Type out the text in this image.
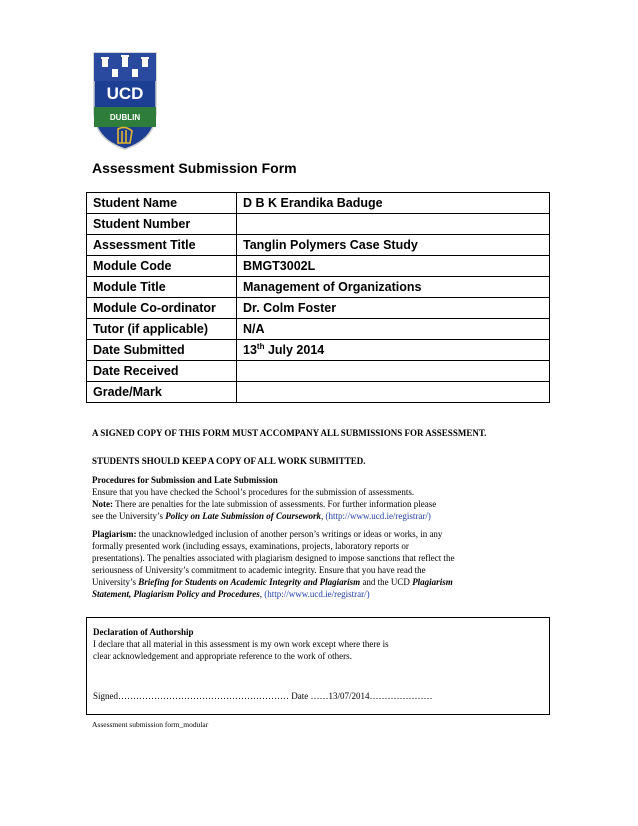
UCD
DUBLIN
Assessment Submission Form
Student Name	D B K Erandika Baduge
Student Number	
Assessment Title	Tanglin Polymers Case Study
Module Code	BMGT3002L
Module Title	Management of Organizations
Module Co-ordinator	Dr. Colm Foster
Tutor (if applicable)	N/A
Date Submitted	13th July 2014
Date Received	
Grade/Mark	
A SIGNED COPY OF THIS FORM MUST ACCOMPANY ALL SUBMISSIONS FOR ASSESSMENT.
STUDENTS SHOULD KEEP A COPY OF ALL WORK SUBMITTED.
Procedures for Submission and Late Submission
Ensure that you have checked the School’s procedures for the submission of assessments.
Note: There are penalties for the late submission of assessments. For further information please
see the University’s Policy on Late Submission of Coursework, (http://www.ucd.ie/registrar/)
Plagiarism: the unacknowledged inclusion of another person’s writings or ideas or works, in any
formally presented work (including essays, examinations, projects, laboratory reports or
presentations). The penalties associated with plagiarism designed to impose sanctions that reflect the
seriousness of University’s commitment to academic integrity. Ensure that you have read the
University’s Briefing for Students on Academic Integrity and Plagiarism and the UCD Plagiarism
Statement, Plagiarism Policy and Procedures, (http://www.ucd.ie/registrar/)
Declaration of Authorship
I declare that all material in this assessment is my own work except where there is
clear acknowledgement and appropriate reference to the work of others.
Signed………………………………………………… Date ……13/07/2014…………………
Assessment submission form_modular
